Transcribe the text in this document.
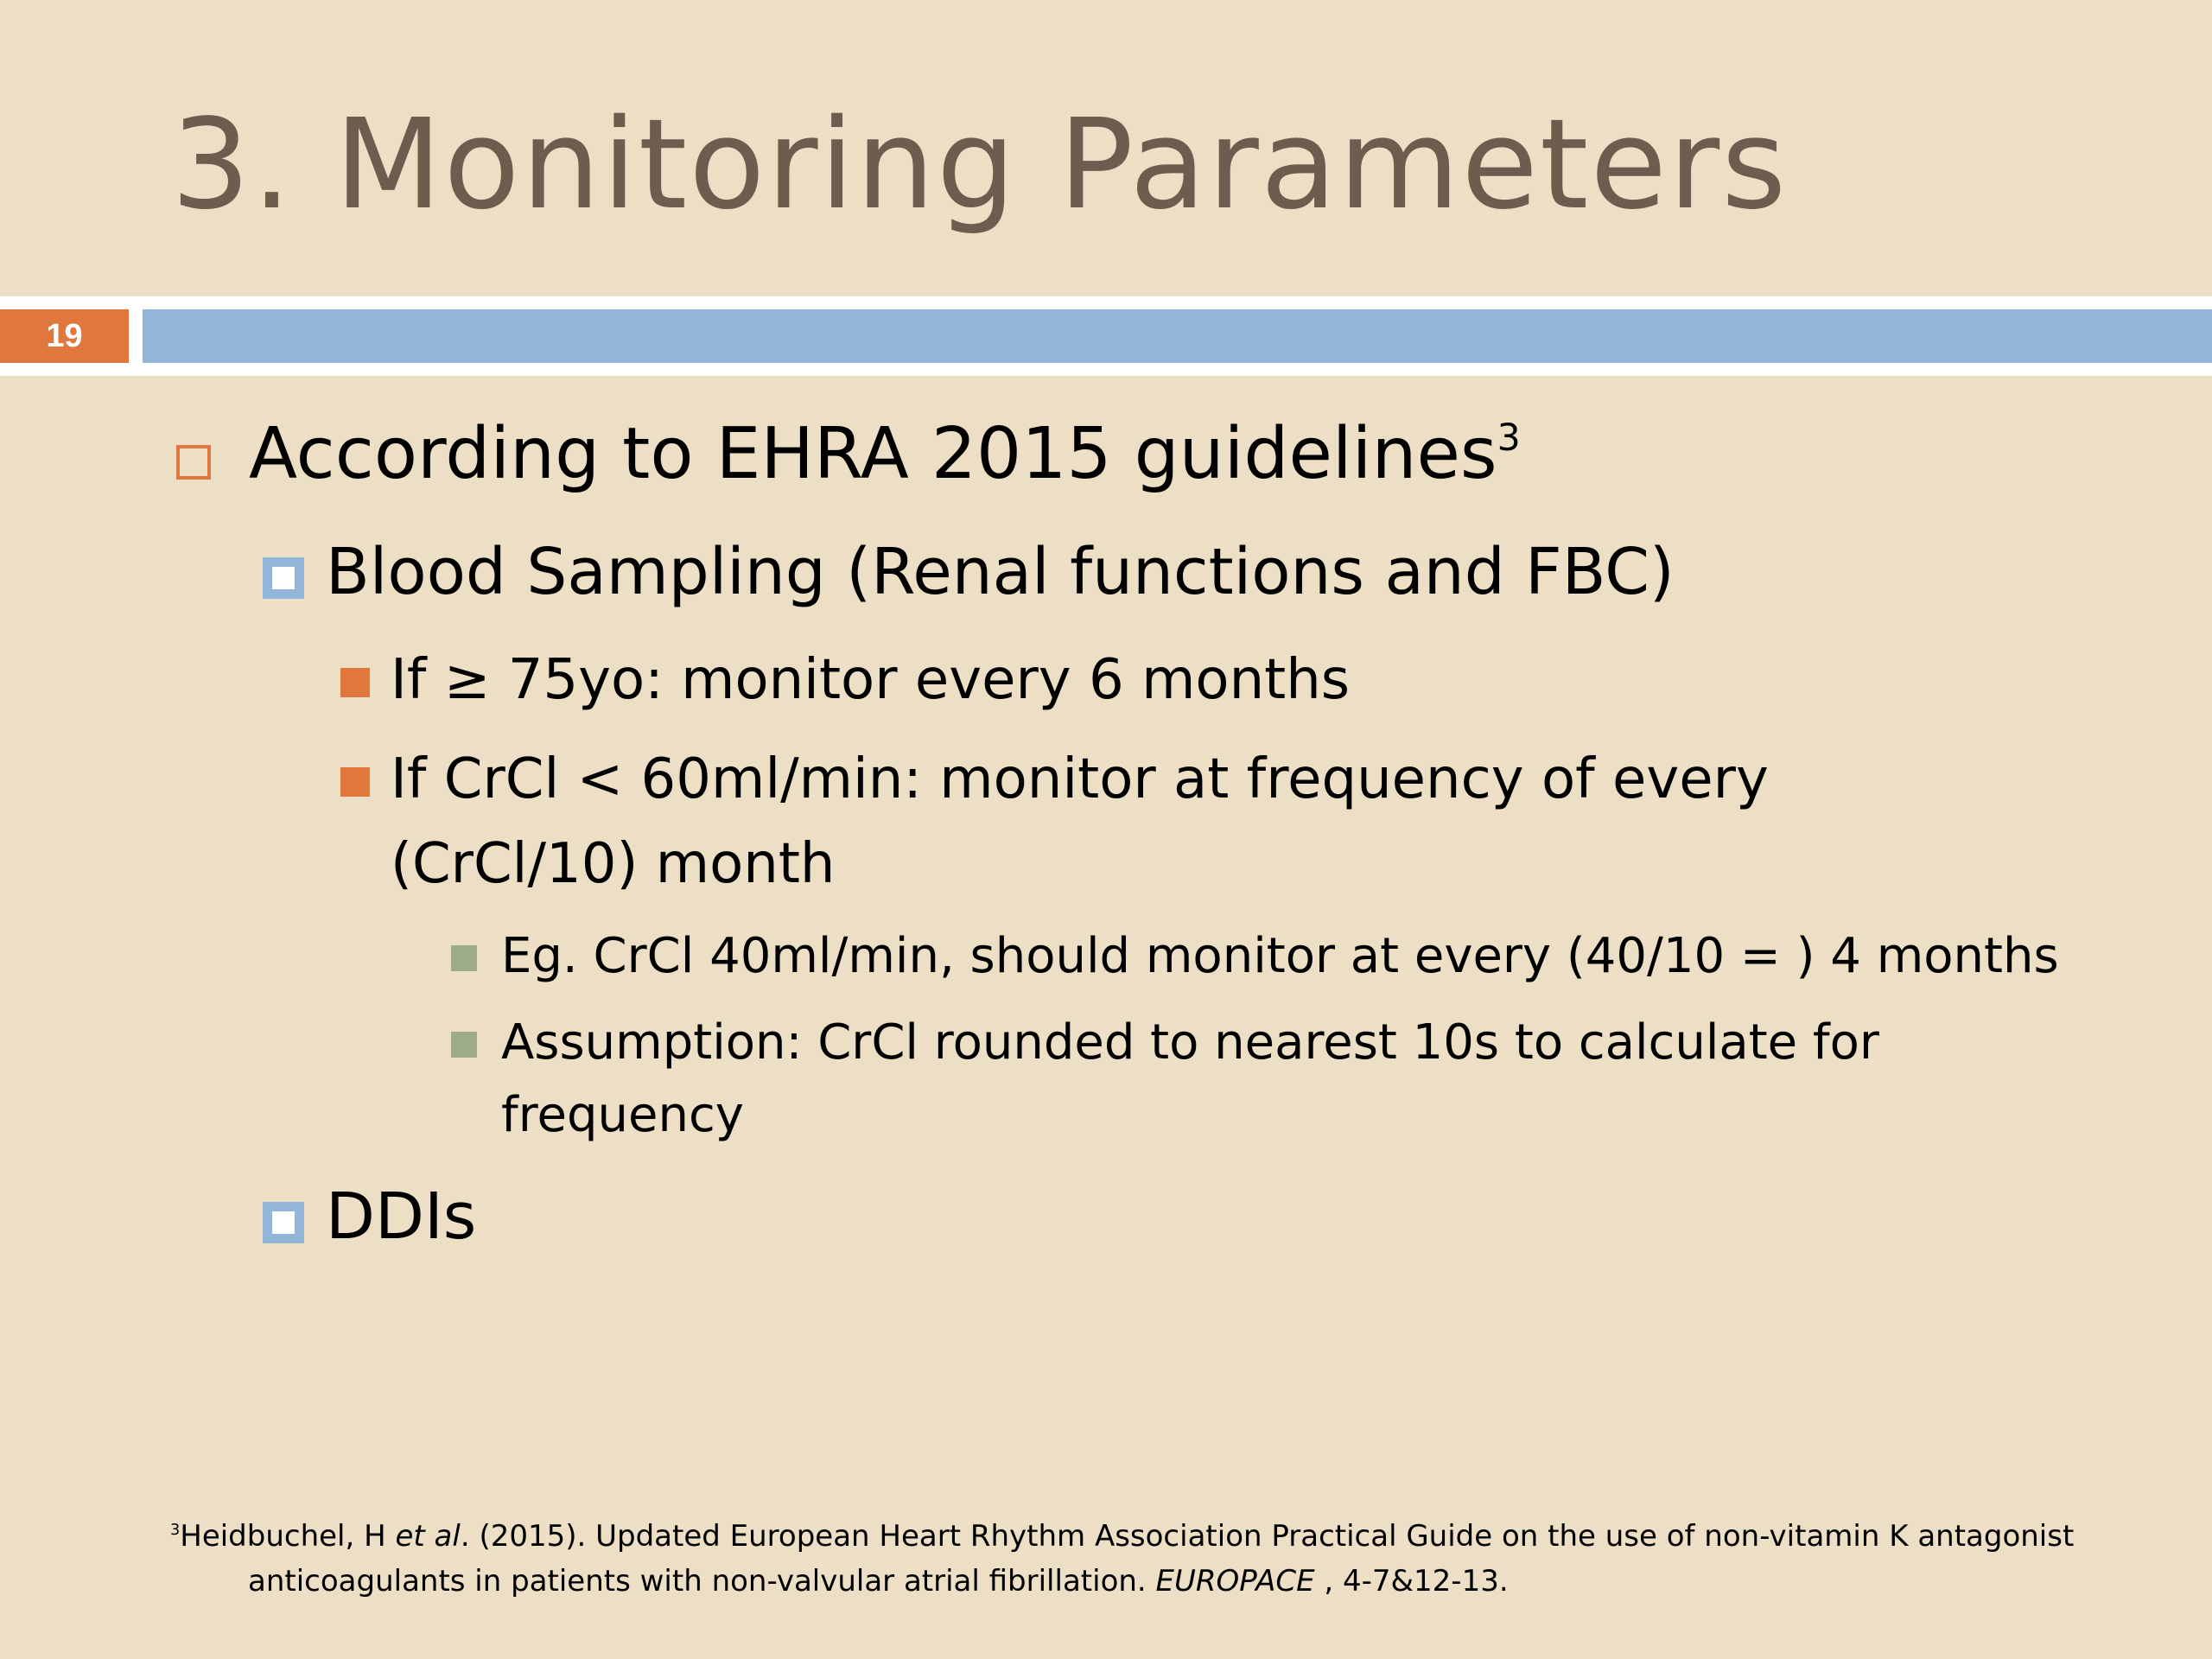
3. Monitoring Parameters
19
According to EHRA 2015 guidelines$^3$
Blood Sampling (Renal functions and FBC)
If ≥ 75yo: monitor every 6 months
If CrCl < 60ml/min: monitor at frequency of every
(CrCl/10) month
Eg. CrCl 40ml/min, should monitor at every (40/10 = ) 4 months
Assumption: CrCl rounded to nearest 10s to calculate for
frequency
DDIs
$^3$Heidbuchel, H et al. (2015). Updated European Heart Rhythm Association Practical Guide on the use of non-vitamin K antagonist
anticoagulants in patients with non-valvular atrial fibrillation. EUROPACE , 4-7&12-13.
